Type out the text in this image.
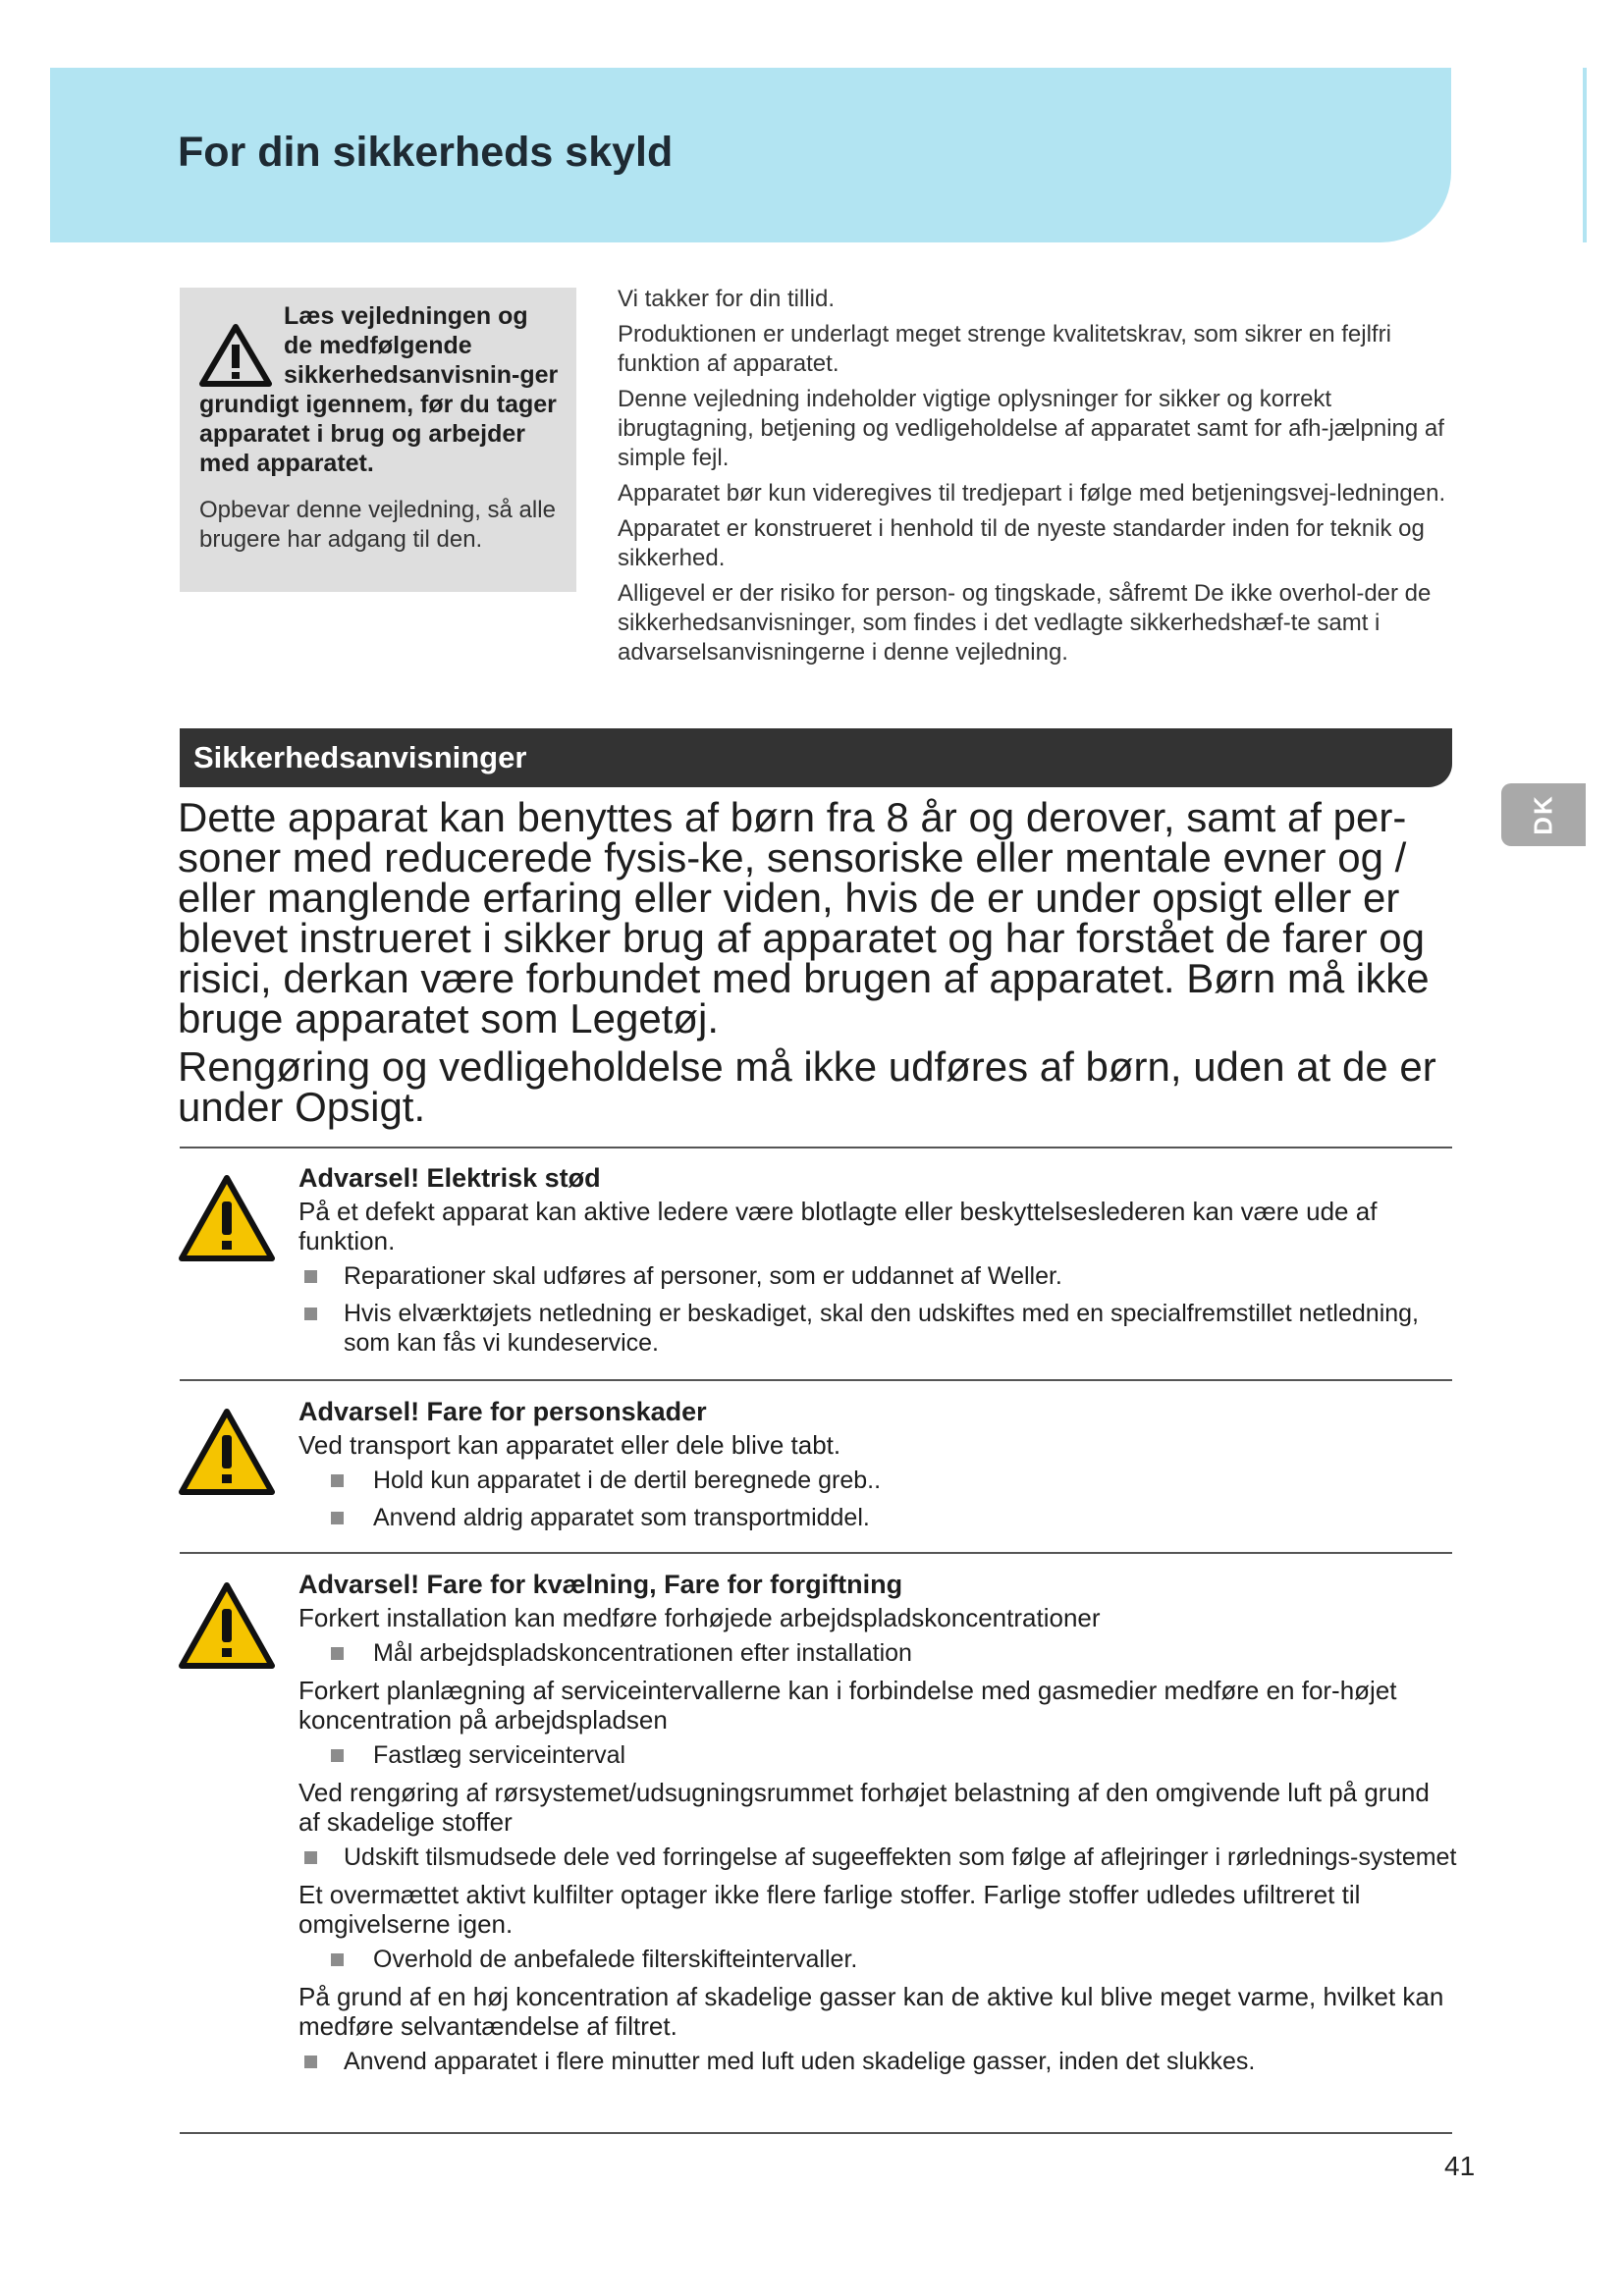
For din sikkerheds skyld
DK

Læs vejledningen og de medfølgende sikkerhedsanvisnin-ger grundigt igennem, før du tager apparatet i brug og arbejder med apparatet.

Opbevar denne vejledning, så alle brugere har adgang til den.

Vi takker for din tillid.

Produktionen er underlagt meget strenge kvalitetskrav, som sikrer en fejlfri funktion af apparatet.

Denne vejledning indeholder vigtige oplysninger for sikker og korrekt ibrugtagning, betjening og vedligeholdelse af apparatet samt for afh-jælpning af simple fejl.

Apparatet bør kun videregives til tredjepart i følge med betjeningsvej-ledningen.

Apparatet er konstrueret i henhold til de nyeste standarder inden for teknik og sikkerhed.

Alligevel er der risiko for person- og tingskade, såfremt De ikke overhol-der de sikkerhedsanvisninger, som findes i det vedlagte sikkerhedshæf-te samt i advarselsanvisningerne i denne vejledning.

Sikkerhedsanvisninger

Dette apparat kan benyttes af børn fra 8 år og derover, samt af per-soner med reducerede fysis-ke, sensoriske eller mentale evner og / eller manglende erfaring eller viden, hvis de er under opsigt eller er blevet instrueret i sikker brug af apparatet og har forstået de farer og risici, derkan være forbundet med brugen af apparatet. Børn må ikke bruge apparatet som Legetøj.

Rengøring og vedligeholdelse må ikke udføres af børn, uden at de er under Opsigt.

Advarsel! Elektrisk stød

På et defekt apparat kan aktive ledere være blotlagte eller beskyttelseslederen kan være ude af funktion.

Reparationer skal udføres af personer, som er uddannet af Weller.
Hvis elværktøjets netledning er beskadiget, skal den udskiftes med en specialfremstillet netledning, som kan fås vi kundeservice.

Advarsel! Fare for personskader

Ved transport kan apparatet eller dele blive tabt.

Hold kun apparatet i de dertil beregnede greb..
Anvend aldrig apparatet som transportmiddel.

Advarsel! Fare for kvælning, Fare for forgiftning

Forkert installation kan medføre forhøjede arbejdspladskoncentrationer

Mål arbejdspladskoncentrationen efter installation

Forkert planlægning af serviceintervallerne kan i forbindelse med gasmedier medføre en for-højet koncentration på arbejdspladsen

Fastlæg serviceinterval

Ved rengøring af rørsystemet/udsugningsrummet forhøjet belastning af den omgivende luft på grund af skadelige stoffer

Udskift tilsmudsede dele ved forringelse af sugeeffekten som følge af aflejringer i rørlednings-systemet

Et overmættet aktivt kulfilter optager ikke flere farlige stoffer. Farlige stoffer udledes ufiltreret til omgivelserne igen.

Overhold de anbefalede filterskifteintervaller.

På grund af en høj koncentration af skadelige gasser kan de aktive kul blive meget varme, hvilket kan medføre selvantændelse af filtret.

Anvend apparatet i flere minutter med luft uden skadelige gasser, inden det slukkes.
41
